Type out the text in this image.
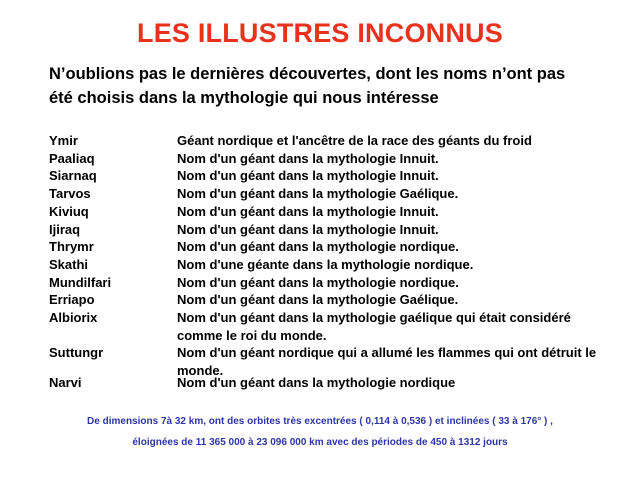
LES ILLUSTRES INCONNUS
N’oublions pas le dernières découvertes, dont les noms n’ont pas
été choisis dans la mythologie qui nous intéresse
Ymir	Géant nordique et l'ancêtre de la race des géants du froid
Paaliaq	Nom d'un géant dans la mythologie Innuit.
Siarnaq	Nom d'un géant dans la mythologie Innuit.
Tarvos	Nom d'un géant dans la mythologie Gaélique.
Kiviuq	Nom d'un géant dans la mythologie Innuit.
Ijiraq	Nom d'un géant dans la mythologie Innuit.
Thrymr	Nom d'un géant dans la mythologie nordique.
Skathi	Nom d'une géante dans la mythologie nordique.
Mundilfari	Nom d'un géant dans la mythologie nordique.
Erriapo	Nom d'un géant dans la mythologie Gaélique.
Albiorix	Nom d'un géant dans la mythologie gaélique qui était considéré comme le roi du monde.
Suttungr	Nom d'un géant nordique qui a allumé les flammes qui ont détruit le monde.
Narvi	Nom d'un géant dans la mythologie nordique
De dimensions 7à 32 km, ont des orbites très excentrées ( 0,114 à 0,536 ) et inclinées ( 33 à 176° ) ,
éloignées de 11 365 000 à 23 096 000 km avec des périodes de 450 à 1312 jours
